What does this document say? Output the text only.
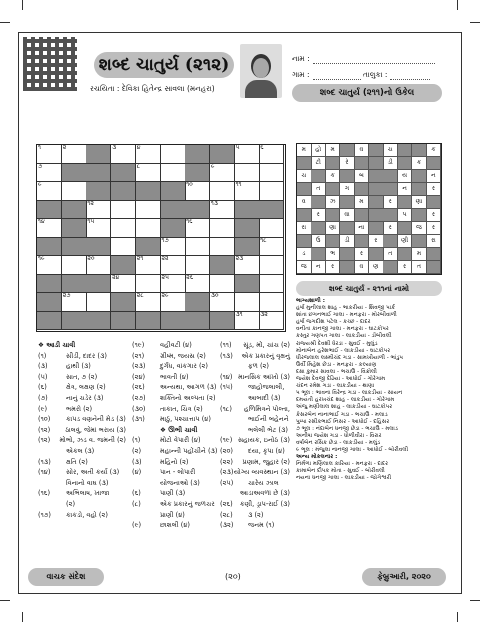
શબ્દ ચાતુર્ય (૨૧૨)
રચયિતા : દેવિકા હિતેન્દ્ર સાવલા (મનહરા)
નામ :
ગામ :	તાલુકા :
શબ્દ ચાતુર્ય (૨૧૧)નો ઉકેલ
૧	૨	૩	૪	૫	૬
૭	૮	૯
૯	૧૦	૧૧
૧૨	૧૩
૧૪	૧૫	૧૬
૧૭	૧૮
૧૯	૨૦	૨૧	૨૨	૨૩
૨૪	૨૫	૨૬
૨૭	૨૮	૨૯	૩૦
૩૧	૩૨
મ	હો	મ	વ	ચ	ક
ટી	રે	ડી	ક
ચ	ક	બ	ય	ન
ત	ગ	ન	ર
વ	ઝ	મ	ર	ણા
ર	વા	પ	ર
રા	ણા	ના	ર	જ	ર
ઉ	ડી	ર	ણી	રા
ડ	ભ	ર	ત	મ
જ	ન	ર	વ	ણ	ર	ત
શબ્દ ચાતુર્ય - ૨૧૧નાં નામો
ભાગ્યશાળી :
હર્ષા મુનીલાલ શાહ - ભાકરીયા - શિવજી પાર્ક
શાંતા છગનભાઈ ગાલા - મનફરા - મોરબીવાળી
હર્ષા જગદીશ પટેલ - કચ્છ - દાદર
વનીતા કાનજી ગાલા - મનફરા - ઘાટકોપર
કસ્તુર ગણપત ગાલા - લાકડીયા - ડોંબીવલી
રાજ્યશ્રી દેવશી ધેરડા - સુવઈ - મુલુંડ
મોનાબેન હરેશભાઈ - લાકડીયા - ઘાટકોપર
ધીરજલાલ લક્ષ્મીચંદ ગડા - સામખીયાળી - ભાંડુપ
ઉર્વી મિહેશ છેડા - મનફરા - કલ્યાણ
દક્ષા કુમાર સાવલા - ભચાઉ - વિક્રોલી
જયેશ દેવજી દેઢિયા - આધોઈ - ગોરેગામ
ચંદન રમેશ ગડા - લાકડીયા - થાણા
૫ ભૂલ : ભાવના વિરેન્દ્ર ગડા - લાકડીયા - સાયન
દમયંતી હરખચંદ શાહ - લાકડીયા - ગોરેગામ
અંજુ મણીલાલ શાહ - લાકડીયા - ઘાટકોપર
કેસરબેન નાનાભાઈ ગડા - ભચાઉ - મલાડ
પુષ્પા રસીકભાઈ નિસર - આધોઈ - દહિસર
૭ ભૂલ : નંદાબેન ધનજી છેડા - ભચાઉ - મલાડ
અનીષા જયેશ ગડા - ધોળીવીરા - વિરાર
વર્ષાબેન રસિક છેડા - લાકડીયા - મલુંડ
૯ ભૂલ : મંજુલા નાનજી ગાલા - આધોઈ - બોરીવલી
અન્ય મોકલનાર :
નિર્મળા મણિલાલ કારિયા - મનફરા - દાદર
કામાબેન દીપક મોતા - સુવઈ - બોરીવલી
નયના ધનજી ગાલા - લાકડીયા - જોગેશ્વરી
❖ આડી ચાવી
(૧)	સીડી, દાદર (૩)
(૩)	હાથી (૩)
(૫)	સાત, ૭ (૨)
(૬)	ક્ષેત્ર, લક્ષણ (૨)
(૭)	નાનું ચડેર (૩)
(૯)	ભમરો (૨)
(૧૦)	કાપડ વણનેની મેડ (૩)
(૧૨)	ઠાલવું, જેમાં ભરાય (૩)
(૧૨)	મોભો, ઝડ વ. જમની (૨)
એકલ (૩)
(૧૩)	ક્ષતિ (૨)
(૧૪)	સોર, અતી કર્યા (૩)
વિનાનો વાઘ (૩)
(૧૬)	અભિલાષ, ખાજા
(૨)
(૧૭)	કાકડો, વહો (૨)
(૧૯)	વહીવટી (૪)
(૨૧)	ગ્રીષ્મ, જયસ (૨)
(૨૩)	દુર્ગંધ, વાંકગાર (૨)
(૨૪)	ભાવતી (૪)
(૨૬)	અન્યથા, આગળ (૩)
(૨૭)	શક્તિનો અલ્પતા (૨)
(૩૦)	તાકાત, ચિત્ર (૨)
(૩૧)	માઠું, પશ્ચાત્તાપ (૪)
❖ ઊભી ચાવી
(૧)	મોટો વેપારી (૪)
(૨)	મહાન્ની પહોંચીને (૩)
(૩)	મહિનો (૨)
(૪)	પાન - લોપારી
યોજનાઓ (૩)
(૬)	પાણી (૩)
(૮)	એક પ્રકારનું જળચર
પ્રાણી (૪)
(૯)	છાશલી (૪)
(૧૧)	સૂંડ, મોં, ચાંચ (૨)
(૧૩)	એક પ્રકારનું વૃક્ષનું
ફળ (૨)
(૧૪) માનસિક આંખો (૩)
(૧૫)	જાહોજલાલી,
આબાદી (૩)
(૧૮)	હળિમિત્રને પોલ્તા,
ભાઈની બહેનને
ભલેલી ભેટ (૩)
(૧૯) સહાયક, ઇનોઠ (૩)
(૨૦)	દયા, કૃપા (૪)
(૨૨)	પ્રણામ, જુહાર (૨)
(૨૩) યોગ્ય વ્યવસ્થાન (૩)
(૨૫)	ચારેય ઝાલ
આડાઅવળાં છે (૩)
(૨૬)	કણી, ડ્રાપ-રાઈ (૩)
(૨૮)	૩ (૨)
(૩૨)	જનમ (૧)
વાચક સંદેશ	(૨૦)	ફેબ્રુઆરી, ૨૦૨૦
